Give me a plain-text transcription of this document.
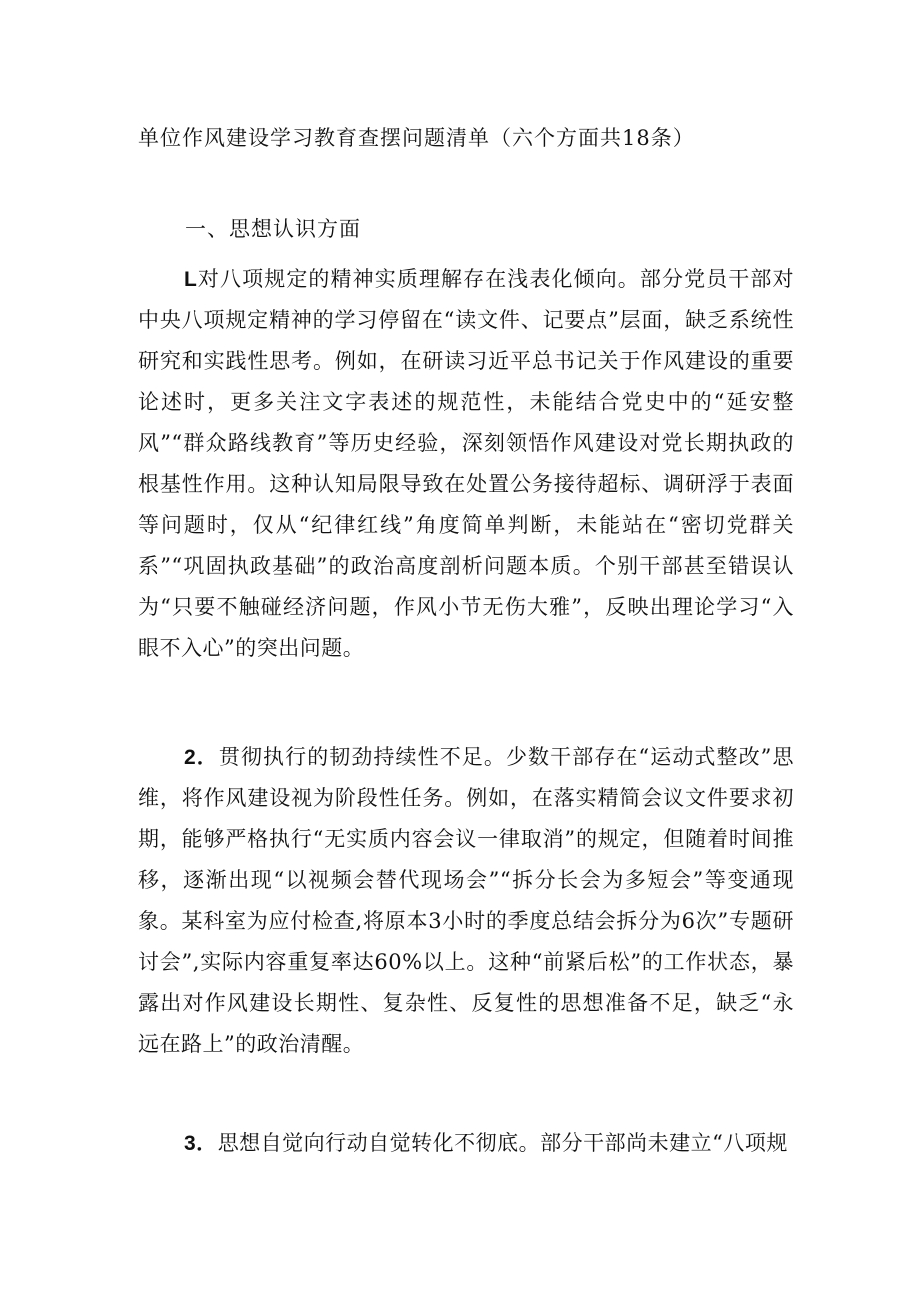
单位作风建设学习教育查摆问题清单（六个方面共18条）
一、思想认识方面

L对八项规定的精神实质理解存在浅表化倾向。部分党员干部对中央八项规定精神的学习停留在“读文件、记要点”层面，缺乏系统性研究和实践性思考。例如，在研读习近平总书记关于作风建设的重要论述时，更多关注文字表述的规范性，未能结合党史中的“延安整风”“群众路线教育”等历史经验，深刻领悟作风建设对党长期执政的根基性作用。这种认知局限导致在处置公务接待超标、调研浮于表面等问题时，仅从“纪律红线”角度简单判断，未能站在“密切党群关系”“巩固执政基础”的政治高度剖析问题本质。个别干部甚至错误认为“只要不触碰经济问题，作风小节无伤大雅”，反映出理论学习“入眼不入心”的突出问题。

2．贯彻执行的韧劲持续性不足。少数干部存在“运动式整改”思维，将作风建设视为阶段性任务。例如，在落实精简会议文件要求初期，能够严格执行“无实质内容会议一律取消”的规定，但随着时间推移，逐渐出现“以视频会替代现场会”“拆分长会为多短会”等变通现象。某科室为应付检查,将原本3小时的季度总结会拆分为6次”专题研讨会”,实际内容重复率达60%以上。这种“前紧后松”的工作状态，暴露出对作风建设长期性、复杂性、反复性的思想准备不足，缺乏“永远在路上”的政治清醒。

3．思想自觉向行动自觉转化不彻底。部分干部尚未建立“八项规
